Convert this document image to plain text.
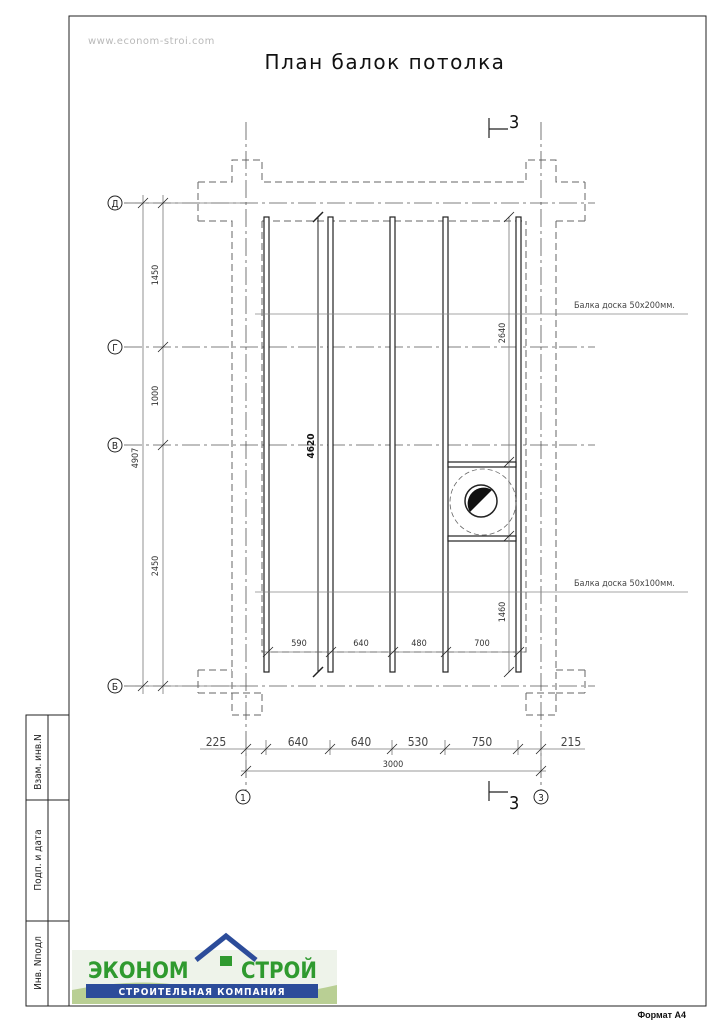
Взам. инв.N
Подп. и дата
Инв. Nподл
Д
Г
В
Б
1	3
4620
1450
1000
2450
4907
2640
1460
Балка доска 50х200мм.
Балка доска 50х100мм.
590	640	480	700
225	640	640	530	750	215
3000
3
3
ЭКОНОМ СТРОЙ
СТРОИТЕЛЬНАЯ КОМПАНИЯ
www.econom-stroi.com
План балок потолка
Формат А4
